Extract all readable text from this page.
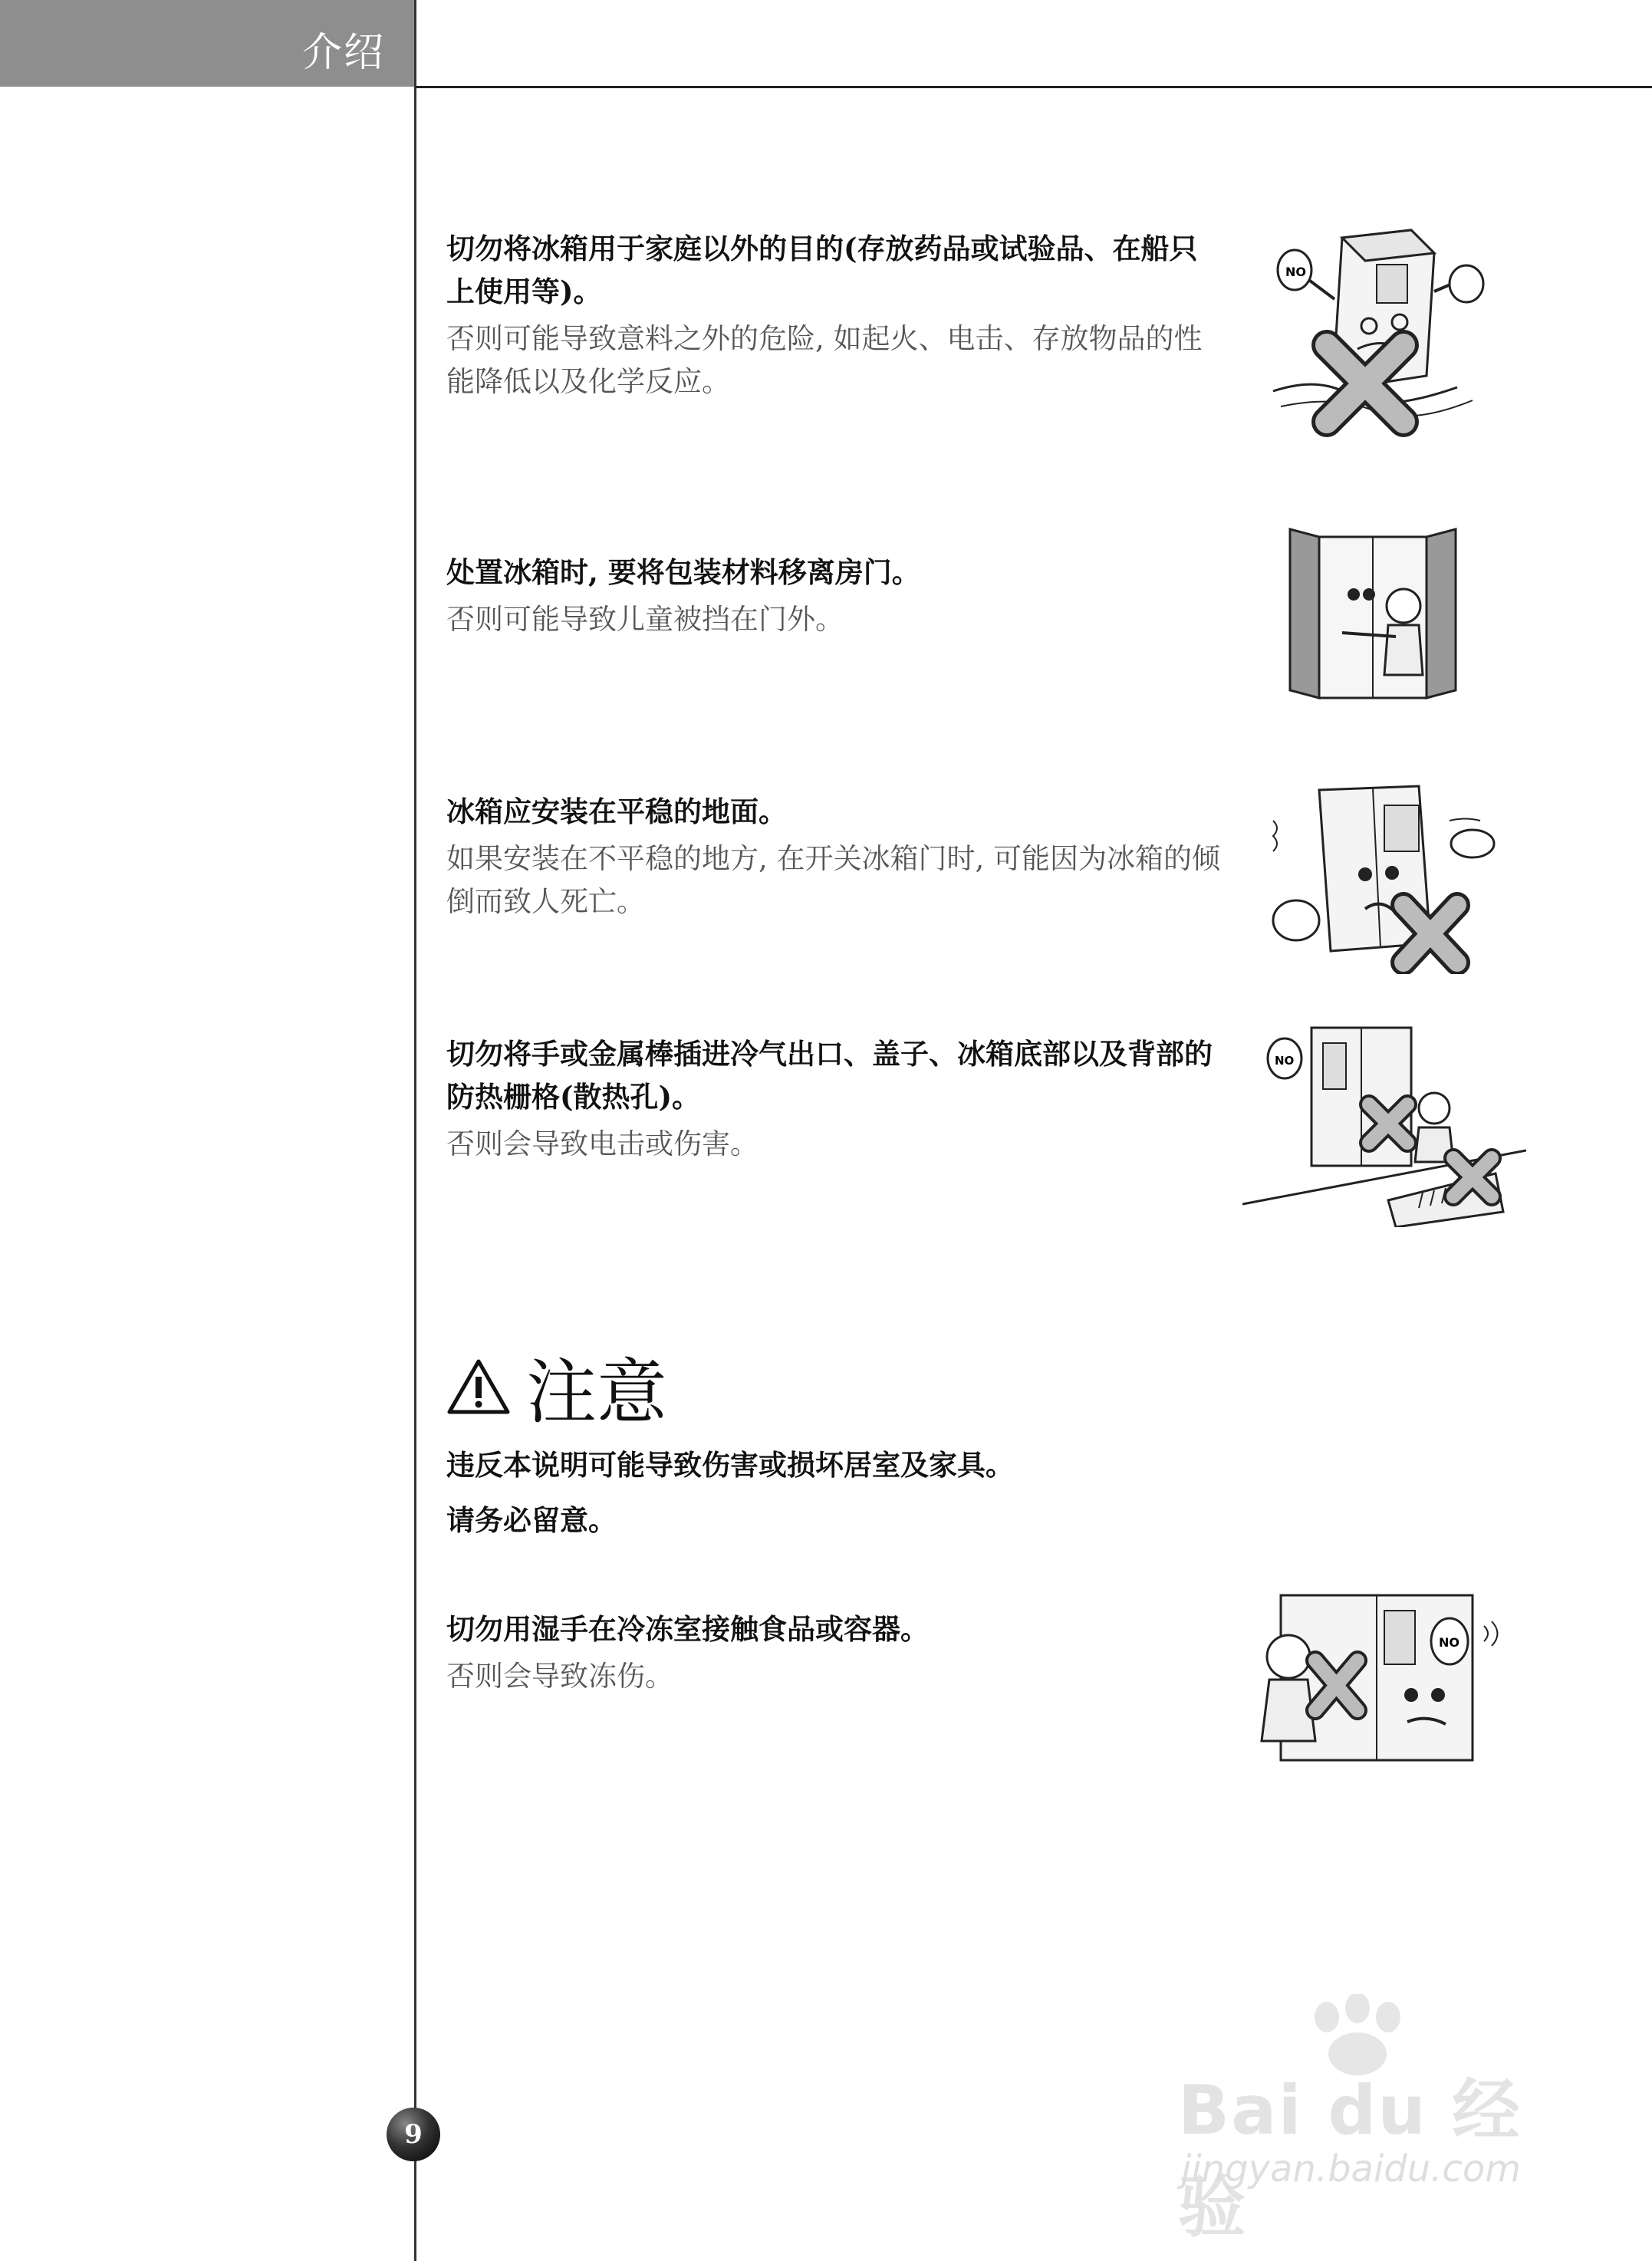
介绍

切勿将冰箱用于家庭以外的目的(存放药品或试验品、在船只上使用等)。

否则可能导致意料之外的危险, 如起火、电击、存放物品的性能降低以及化学反应。

NO

处置冰箱时, 要将包装材料移离房门。

否则可能导致儿童被挡在门外。

冰箱应安装在平稳的地面。

如果安装在不平稳的地方, 在开关冰箱门时, 可能因为冰箱的倾倒而致人死亡。

切勿将手或金属棒插进冷气出口、盖子、冰箱底部以及背部的防热栅格(散热孔)。

否则会导致电击或伤害。

NO
注意
违反本说明可能导致伤害或损坏居室及家具。
请务必留意。

切勿用湿手在冷冻室接触食品或容器。

否则会导致冻伤。

NO
9	Bai du 经验
jingyan.baidu.com
